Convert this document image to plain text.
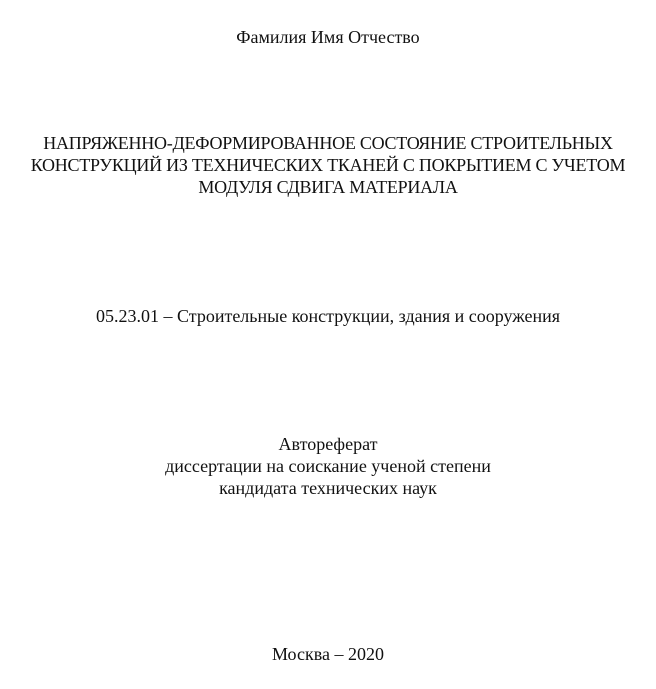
Фамилия Имя Отчество
НАПРЯЖЕННО-ДЕФОРМИРОВАННОЕ СОСТОЯНИЕ СТРОИТЕЛЬНЫХ
КОНСТРУКЦИЙ ИЗ ТЕХНИЧЕСКИХ ТКАНЕЙ С ПОКРЫТИЕМ С УЧЕТОМ
МОДУЛЯ СДВИГА МАТЕРИАЛА
05.23.01 – Строительные конструкции, здания и сооружения
Автореферат
диссертации на соискание ученой степени
кандидата технических наук
Москва – 2020
